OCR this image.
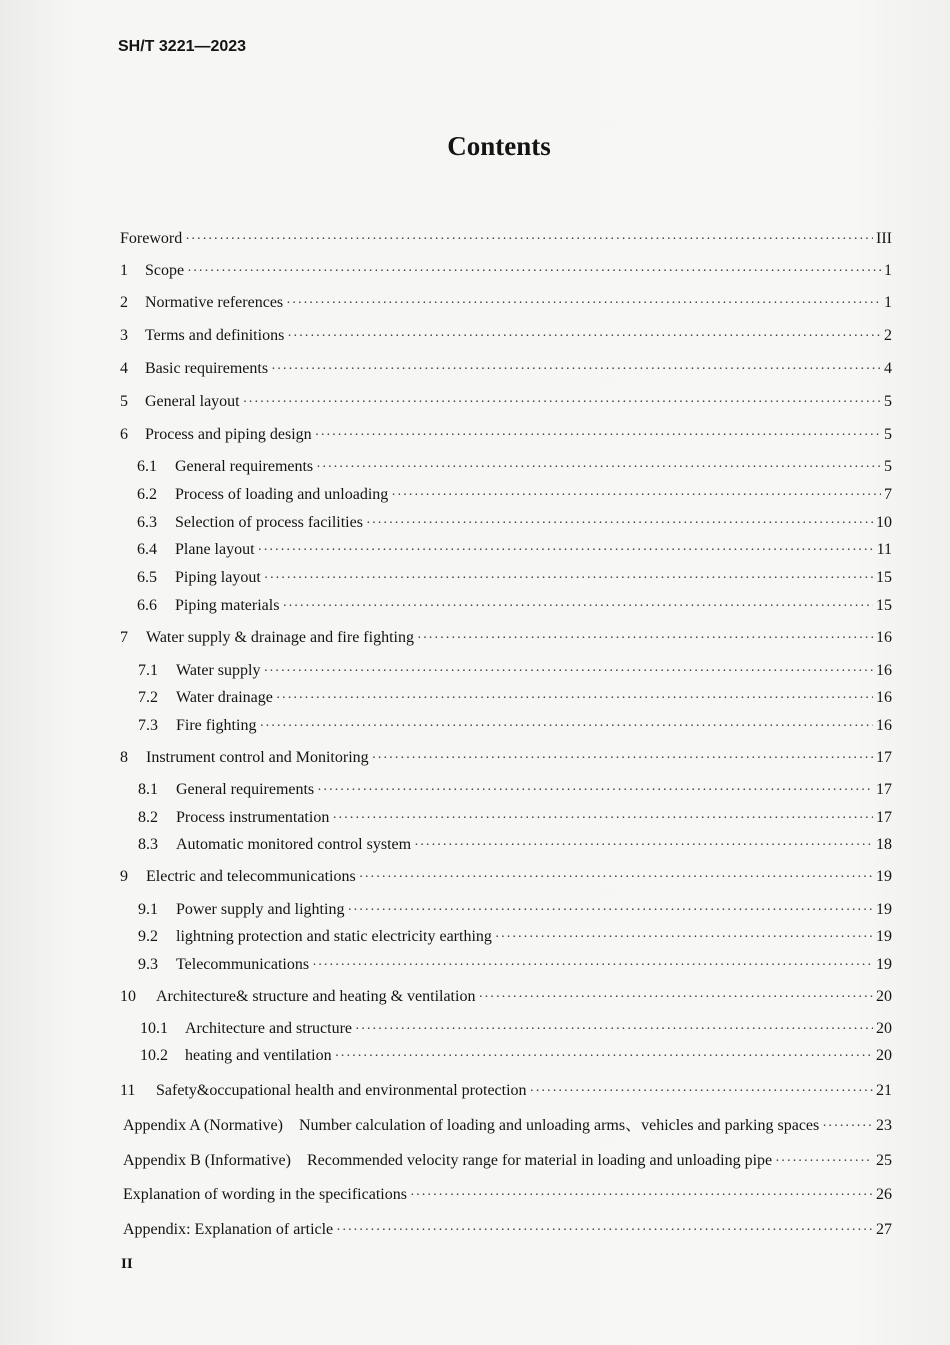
SH/T 3221—2023
Contents
Foreword ·····	III
1	Scope ·····	1
2	Normative references ·····	1
3	Terms and definitions ·····	2
4	Basic requirements ·····	4
5	General layout ·····	5
6	Process and piping design ·····	5
6.1	General requirements ·····	5
6.2	Process of loading and unloading ·····	7
6.3	Selection of process facilities ·····	10
6.4	Plane layout ·····	11
6.5	Piping layout ·····	15
6.6	Piping materials ·····	15
7	Water supply & drainage and fire fighting ·····	16
7.1	Water supply ·····	16
7.2	Water drainage ·····	16
7.3	Fire fighting ·····	16
8	Instrument control and Monitoring ·····	17
8.1	General requirements ·····	17
8.2	Process instrumentation ·····	17
8.3	Automatic monitored control system ·····	18
9	Electric and telecommunications ·····	19
9.1	Power supply and lighting ·····	19
9.2	lightning protection and static electricity earthing ·····	19
9.3	Telecommunications ·····	19
10	Architecture& structure and heating & ventilation ·····	20
10.1	Architecture and structure ·····	20
10.2	heating and ventilation ·····	20
11	Safety&occupational health and environmental protection ·····	21
Appendix A (Normative) Number calculation of loading and unloading arms、vehicles and parking spaces ·····	23
Appendix B (Informative) Recommended velocity range for material in loading and unloading pipe ·····	25
Explanation of wording in the specifications ·····	26
Appendix: Explanation of article ·····	27
II
